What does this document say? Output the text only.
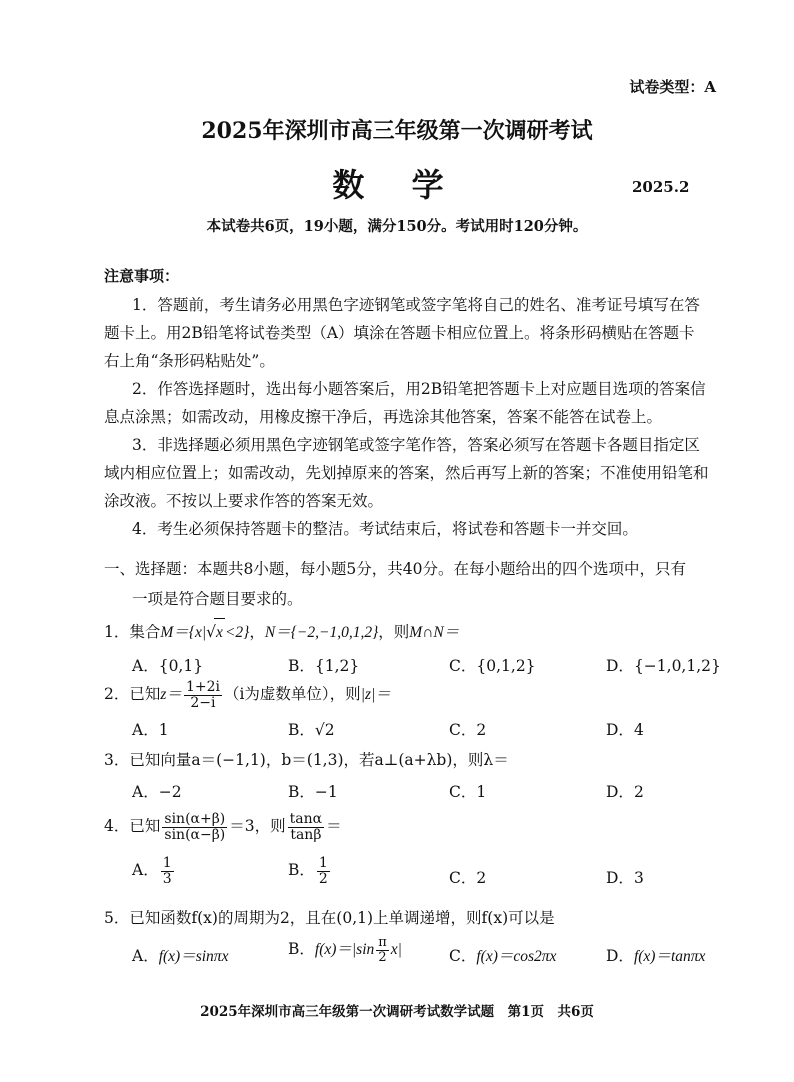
试卷类型：A
2025年深圳市高三年级第一次调研考试
数 学	2025.2
本试卷共6页，19小题，满分150分。考试用时120分钟。
注意事项：
1．答题前，考生请务必用黑色字迹钢笔或签字笔将自己的姓名、准考证号填写在答
题卡上。用2B铅笔将试卷类型（A）填涂在答题卡相应位置上。将条形码横贴在答题卡
右上角“条形码粘贴处”。
2．作答选择题时，选出每小题答案后，用2B铅笔把答题卡上对应题目选项的答案信
息点涂黑；如需改动，用橡皮擦干净后，再选涂其他答案，答案不能答在试卷上。
3．非选择题必须用黑色字迹钢笔或签字笔作答，答案必须写在答题卡各题目指定区
域内相应位置上；如需改动，先划掉原来的答案，然后再写上新的答案；不准使用铅笔和
涂改液。不按以上要求作答的答案无效。
4．考生必须保持答题卡的整洁。考试结束后，将试卷和答题卡一并交回。
一、选择题：本题共8小题，每小题5分，共40分。在每小题给出的四个选项中，只有
一项是符合题目要求的。
1．集合M＝{x|√x <2}，N＝{−2,−1,0,1,2}，则M∩N＝
A．{0,1}	B．{1,2}	C．{0,1,2}	D．{−1,0,1,2}
2．已知$z= \frac{1+2i}{2-i} (i$为虚数单位），则|z|＝
A．1	B．√2	C．2	D．4
3．已知向量a＝(−1,1)，b＝(1,3)，若a⊥(a+λb)，则λ＝
A．−2	B．−1	C．1	D．2
4．已知 $\frac{\sin(\alpha+\beta)}{\sin(\alpha-\beta)} =3$，则 $\frac{\tan\alpha}{\tan\beta}$ ＝
A． $\frac{1}{3}$	B． $\frac{1}{2}$	C．2	D．3
5．已知函数f(x)的周期为2，且在(0,1)上单调递增，则f(x)可以是
A．f(x)＝sinπx	B．$f(x)=|\sin \frac{\pi}{2} x|$	C．f(x)＝cos2πx	D．f(x)＝tanπx
2025年深圳市高三年级第一次调研考试数学试题　第1页　共6页
